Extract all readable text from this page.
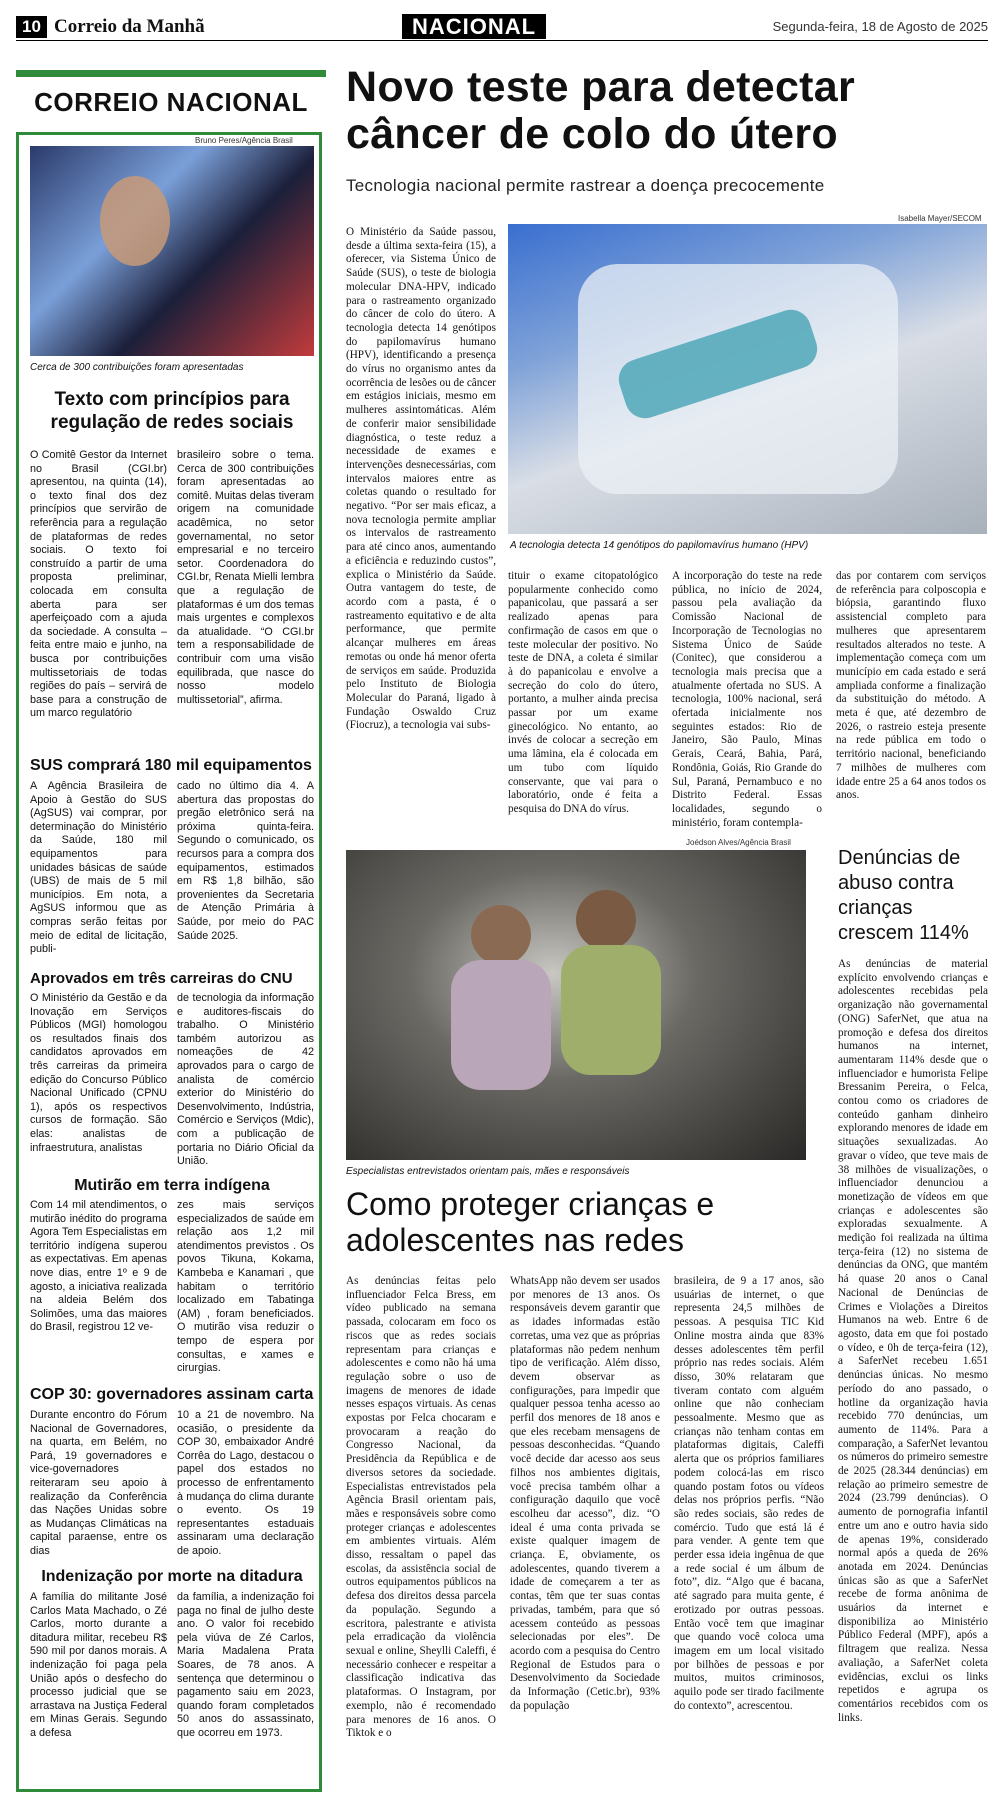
10 Correio da Manhã	NACIONAL	Segunda-feira, 18 de Agosto de 2025
CORREIO NACIONAL
Bruno Peres/Agência Brasil
Cerca de 300 contribuições foram apresentadas
Texto com princípios para regulação de redes sociais
O Comitê Gestor da Internet no Brasil (CGI.br) apresentou, na quinta (14), o texto final dos dez princípios que servirão de referência para a regulação de plataformas de redes sociais. O texto foi construído a partir de uma proposta preliminar, colocada em consulta aberta para ser aperfeiçoado com a ajuda da sociedade. A consulta – feita entre maio e junho, na busca por contribuições multissetoriais de todas regiões do país – servirá de base para a construção de um marco regulatório
brasileiro sobre o tema. Cerca de 300 contribuições foram apresentadas ao comitê. Muitas delas tiveram origem na comunidade acadêmica, no setor governamental, no setor empresarial e no terceiro setor. Coordenadora do CGI.br, Renata Mielli lembra que a regulação de plataformas é um dos temas mais urgentes e complexos da atualidade. “O CGI.br tem a responsabilidade de contribuir com uma visão equilibrada, que nasce do nosso modelo multissetorial”, afirma.
SUS comprará 180 mil equipamentos
A Agência Brasileira de Apoio à Gestão do SUS (AgSUS) vai comprar, por determinação do Ministério da Saúde, 180 mil equipamentos para unidades básicas de saúde (UBS) de mais de 5 mil municípios. Em nota, a AgSUS informou que as compras serão feitas por meio de edital de licitação, publi-
cado no último dia 4. A abertura das propostas do pregão eletrônico será na próxima quinta-feira. Segundo o comunicado, os recursos para a compra dos equipamentos, estimados em R$ 1,8 bilhão, são provenientes da Secretaria de Atenção Primária à Saúde, por meio do PAC Saúde 2025.
Aprovados em três carreiras do CNU
O Ministério da Gestão e da Inovação em Serviços Públicos (MGI) homologou os resultados finais dos candidatos aprovados em três carreiras da primeira edição do Concurso Público Nacional Unificado (CPNU 1), após os respectivos cursos de formação. São elas: analistas de infraestrutura, analistas
de tecnologia da informação e auditores-fiscais do trabalho. O Ministério também autorizou as nomeações de 42 aprovados para o cargo de analista de comércio exterior do Ministério do Desenvolvimento, Indústria, Comércio e Serviços (Mdic), com a publicação de portaria no Diário Oficial da União.
Mutirão em terra indígena
Com 14 mil atendimentos, o mutirão inédito do programa Agora Tem Especialistas em território indígena superou as expectativas. Em apenas nove dias, entre 1º e 9 de agosto, a iniciativa realizada na aldeia Belém dos Solimões, uma das maiores do Brasil, registrou 12 ve-
zes mais serviços especializados de saúde em relação aos 1,2 mil atendimentos previstos . Os povos Tikuna, Kokama, Kambeba e Kanamari , que habitam o território localizado em Tabatinga (AM) , foram beneficiados. O mutirão visa reduzir o tempo de espera por consultas, e xames e cirurgias.
COP 30: governadores assinam carta
Durante encontro do Fórum Nacional de Governadores, na quarta, em Belém, no Pará, 19 governadores e vice-governadores reiteraram seu apoio à realização da Conferência das Nações Unidas sobre as Mudanças Climáticas na capital paraense, entre os dias
10 a 21 de novembro. Na ocasião, o presidente da COP 30, embaixador André Corrêa do Lago, destacou o papel dos estados no processo de enfrentamento à mudança do clima durante o evento. Os 19 representantes estaduais assinaram uma declaração de apoio.
Indenização por morte na ditadura
A família do militante José Carlos Mata Machado, o Zé Carlos, morto durante a ditadura militar, recebeu R$ 590 mil por danos morais. A indenização foi paga pela União após o desfecho do processo judicial que se arrastava na Justiça Federal em Minas Gerais. Segundo a defesa
da família, a indenização foi paga no final de julho deste ano. O valor foi recebido pela viúva de Zé Carlos, Maria Madalena Prata Soares, de 78 anos. A sentença que determinou o pagamento saiu em 2023, quando foram completados 50 anos do assassinato, que ocorreu em 1973.
Novo teste para detectar câncer de colo do útero
Tecnologia nacional permite rastrear a doença precocemente
O Ministério da Saúde passou, desde a última sexta-feira (15), a oferecer, via Sistema Único de Saúde (SUS), o teste de biologia molecular DNA-HPV, indicado para o rastreamento organizado do câncer de colo do útero. A tecnologia detecta 14 genótipos do papilomavírus humano (HPV), identificando a presença do vírus no organismo antes da ocorrência de lesões ou de câncer em estágios iniciais, mesmo em mulheres assintomáticas. Além de conferir maior sensibilidade diagnóstica, o teste reduz a necessidade de exames e intervenções desnecessárias, com intervalos maiores entre as coletas quando o resultado for negativo. “Por ser mais eficaz, a nova tecnologia permite ampliar os intervalos de rastreamento para até cinco anos, aumentando a eficiência e reduzindo custos”, explica o Ministério da Saúde. Outra vantagem do teste, de acordo com a pasta, é o rastreamento equitativo e de alta performance, que permite alcançar mulheres em áreas remotas ou onde há menor oferta de serviços em saúde. Produzida pelo Instituto de Biologia Molecular do Paraná, ligado à Fundação Oswaldo Cruz (Fiocruz), a tecnologia vai subs-
Isabella Mayer/SECOM
A tecnologia detecta 14 genótipos do papilomavírus humano (HPV)
tituir o exame citopatológico popularmente conhecido como papanicolau, que passará a ser realizado apenas para confirmação de casos em que o teste molecular der positivo. No teste de DNA, a coleta é similar à do papanicolau e envolve a secreção do colo do útero, portanto, a mulher ainda precisa passar por um exame ginecológico. No entanto, ao invés de colocar a secreção em uma lâmina, ela é colocada em um tubo com líquido conservante, que vai para o laboratório, onde é feita a pesquisa do DNA do vírus.
A incorporação do teste na rede pública, no início de 2024, passou pela avaliação da Comissão Nacional de Incorporação de Tecnologias no Sistema Único de Saúde (Conitec), que considerou a tecnologia mais precisa que a atualmente ofertada no SUS. A tecnologia, 100% nacional, será ofertada inicialmente nos seguintes estados: Rio de Janeiro, São Paulo, Minas Gerais, Ceará, Bahia, Pará, Rondônia, Goiás, Rio Grande do Sul, Paraná, Pernambuco e no Distrito Federal. Essas localidades, segundo o ministério, foram contempla-
das por contarem com serviços de referência para colposcopia e biópsia, garantindo fluxo assistencial completo para mulheres que apresentarem resultados alterados no teste. A implementação começa com um município em cada estado e será ampliada conforme a finalização da substituição do método. A meta é que, até dezembro de 2026, o rastreio esteja presente na rede pública em todo o território nacional, beneficiando 7 milhões de mulheres com idade entre 25 a 64 anos todos os anos.
Joédson Alves/Agência Brasil
Especialistas entrevistados orientam pais, mães e responsáveis
Como proteger crianças e adolescentes nas redes
As denúncias feitas pelo influenciador Felca Bress, em vídeo publicado na semana passada, colocaram em foco os riscos que as redes sociais representam para crianças e adolescentes e como não há uma regulação sobre o uso de imagens de menores de idade nesses espaços virtuais. As cenas expostas por Felca chocaram e provocaram a reação do Congresso Nacional, da Presidência da República e de diversos setores da sociedade. Especialistas entrevistados pela Agência Brasil orientam pais, mães e responsáveis sobre como proteger crianças e adolescentes em ambientes virtuais. Além disso, ressaltam o papel das escolas, da assistência social de outros equipamentos públicos na defesa dos direitos dessa parcela da população. Segundo a escritora, palestrante e ativista pela erradicação da violência sexual e online, Sheylli Caleffi, é necessário conhecer e respeitar a classificação indicativa das plataformas. O Instagram, por exemplo, não é recomendado para menores de 16 anos. O Tiktok e o
WhatsApp não devem ser usados por menores de 13 anos. Os responsáveis devem garantir que as idades informadas estão corretas, uma vez que as próprias plataformas não pedem nenhum tipo de verificação. Além disso, devem observar as configurações, para impedir que qualquer pessoa tenha acesso ao perfil dos menores de 18 anos e que eles recebam mensagens de pessoas desconhecidas. “Quando você decide dar acesso aos seus filhos nos ambientes digitais, você precisa também olhar a configuração daquilo que você escolheu dar acesso”, diz. “O ideal é uma conta privada se existe qualquer imagem de criança. E, obviamente, os adolescentes, quando tiverem a idade de começarem a ter as contas, têm que ter suas contas privadas, também, para que só acessem conteúdo as pessoas selecionadas por eles”. De acordo com a pesquisa do Centro Regional de Estudos para o Desenvolvimento da Sociedade da Informação (Cetic.br), 93% da população
brasileira, de 9 a 17 anos, são usuárias de internet, o que representa 24,5 milhões de pessoas. A pesquisa TIC Kid Online mostra ainda que 83% desses adolescentes têm perfil próprio nas redes sociais. Além disso, 30% relataram que tiveram contato com alguém online que não conheciam pessoalmente. Mesmo que as crianças não tenham contas em plataformas digitais, Caleffi alerta que os próprios familiares podem colocá-las em risco quando postam fotos ou vídeos delas nos próprios perfis. “Não são redes sociais, são redes de comércio. Tudo que está lá é para vender. A gente tem que perder essa ideia ingênua de que a rede social é um álbum de foto”, diz. “Algo que é bacana, até sagrado para muita gente, é erotizado por outras pessoas. Então você tem que imaginar que quando você coloca uma imagem em um local visitado por bilhões de pessoas e por muitos, muitos criminosos, aquilo pode ser tirado facilmente do contexto”, acrescentou.
Denúncias de abuso contra crianças crescem 114%
As denúncias de material explícito envolvendo crianças e adolescentes recebidas pela organização não governamental (ONG) SaferNet, que atua na promoção e defesa dos direitos humanos na internet, aumentaram 114% desde que o influenciador e humorista Felipe Bressanim Pereira, o Felca, contou como os criadores de conteúdo ganham dinheiro explorando menores de idade em situações sexualizadas. Ao gravar o vídeo, que teve mais de 38 milhões de visualizações, o influenciador denunciou a monetização de vídeos em que crianças e adolescentes são exploradas sexualmente. A medição foi realizada na última terça-feira (12) no sistema de denúncias da ONG, que mantém há quase 20 anos o Canal Nacional de Denúncias de Crimes e Violações a Direitos Humanos na web. Entre 6 de agosto, data em que foi postado o vídeo, e 0h de terça-feira (12), a SaferNet recebeu 1.651 denúncias únicas. No mesmo período do ano passado, o hotline da organização havia recebido 770 denúncias, um aumento de 114%. Para a comparação, a SaferNet levantou os números do primeiro semestre de 2025 (28.344 denúncias) em relação ao primeiro semestre de 2024 (23.799 denúncias). O aumento de pornografia infantil entre um ano e outro havia sido de apenas 19%, considerado normal após a queda de 26% anotada em 2024. Denúncias únicas são as que a SaferNet recebe de forma anônima de usuários da internet e disponibiliza ao Ministério Público Federal (MPF), após a filtragem que realiza. Nessa avaliação, a SaferNet coleta evidências, exclui os links repetidos e agrupa os comentários recebidos com os links.
